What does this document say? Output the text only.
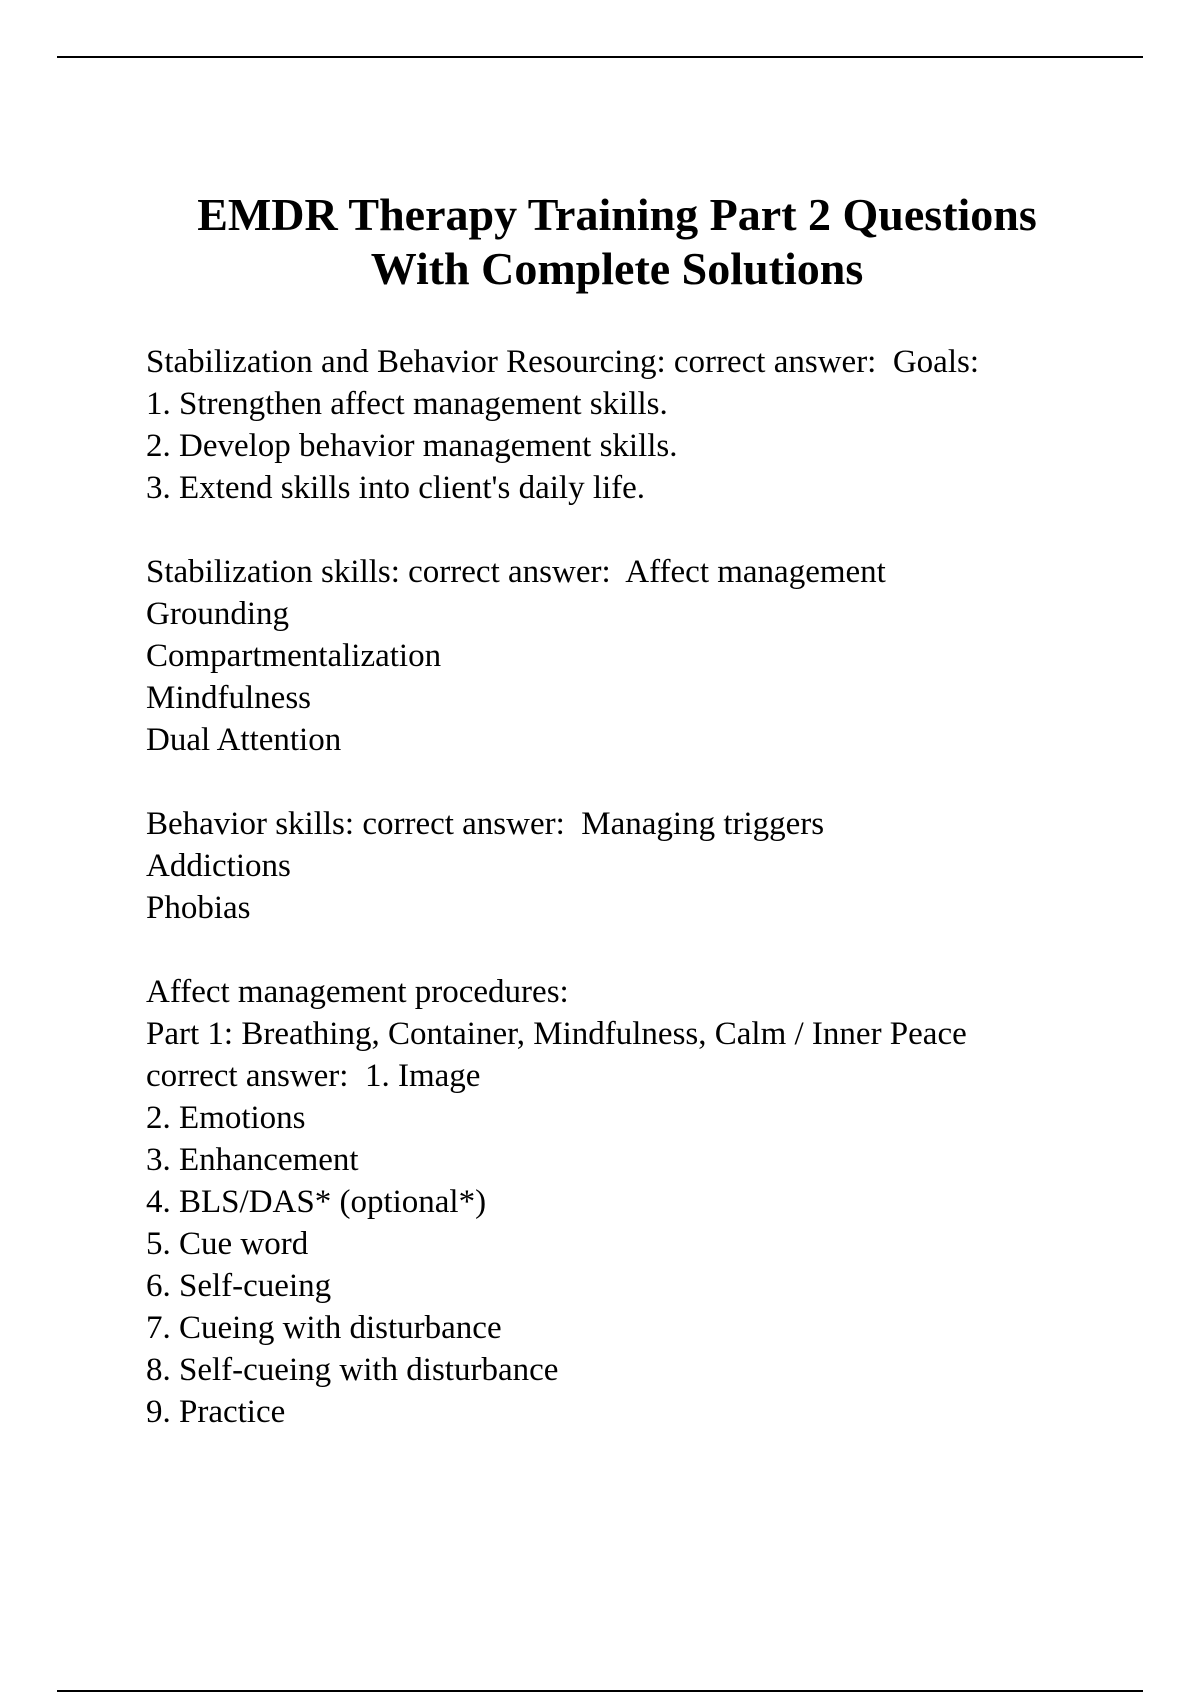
EMDR Therapy Training Part 2 Questions
With Complete Solutions
Stabilization and Behavior Resourcing: correct answer:  Goals:
1. Strengthen affect management skills.
2. Develop behavior management skills.
3. Extend skills into client's daily life.
Stabilization skills: correct answer:  Affect management
Grounding
Compartmentalization
Mindfulness
Dual Attention
Behavior skills: correct answer:  Managing triggers
Addictions
Phobias
Affect management procedures:
Part 1: Breathing, Container, Mindfulness, Calm / Inner Peace
correct answer:  1. Image
2. Emotions
3. Enhancement
4. BLS/DAS* (optional*)
5. Cue word
6. Self-cueing
7. Cueing with disturbance
8. Self-cueing with disturbance
9. Practice
